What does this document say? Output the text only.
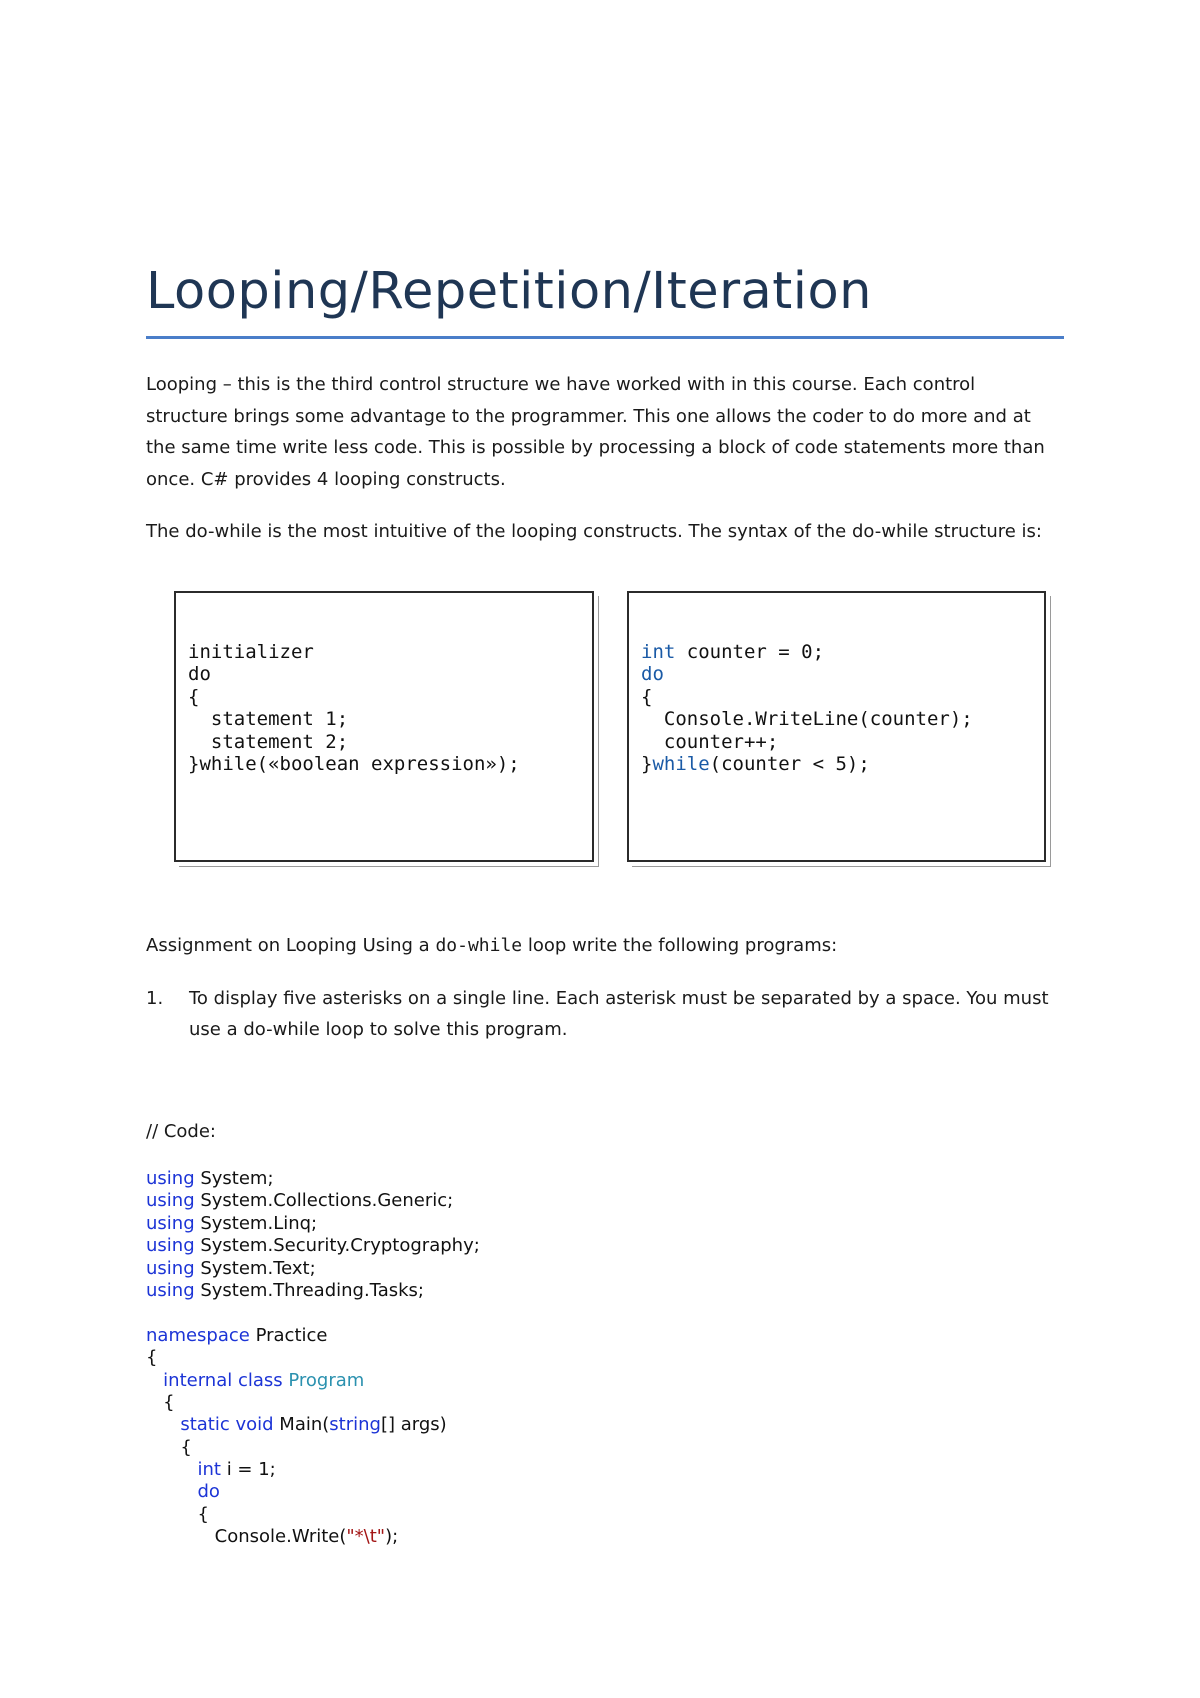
Looping/Repetition/Iteration
Looping – this is the third control structure we have worked with in this course. Each control structure brings some advantage to the programmer. This one allows the coder to do more and at the same time write less code. This is possible by processing a block of code statements more than once. C# provides 4 looping constructs.
The do-while is the most intuitive of the looping constructs. The syntax of the do-while structure is:
initializer
do
{
statement 1;
statement 2;
}while(«boolean expression»);
int counter = 0;
do
{
Console.WriteLine(counter);
counter++;
}while(counter < 5);
Assignment on Looping Using a do-while loop write the following programs:
1. To display five asterisks on a single line. Each asterisk must be separated by a space. You must use a do-while loop to solve this program.
// Code:
using System;
using System.Collections.Generic;
using System.Linq;
using System.Security.Cryptography;
using System.Text;
using System.Threading.Tasks;
namespace Practice
{
internal class Program
{
static void Main(string[] args)
{
int i = 1;
do
{
Console.Write("*\t");
